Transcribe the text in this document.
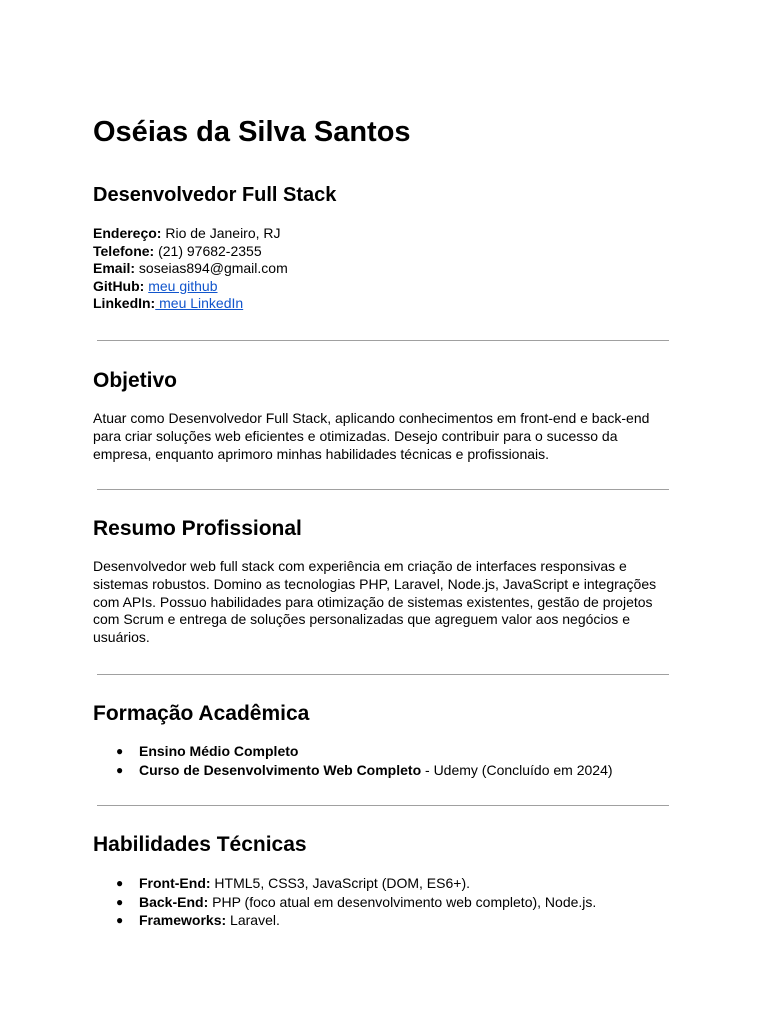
Oséias da Silva Santos
Desenvolvedor Full Stack
Endereço: Rio de Janeiro, RJ
Telefone: (21) 97682-2355
Email: soseias894@gmail.com
GitHub: meu github
LinkedIn: meu LinkedIn
Objetivo

Atuar como Desenvolvedor Full Stack, aplicando conhecimentos em front-end e back-end para criar soluções web eficientes e otimizadas. Desejo contribuir para o sucesso da empresa, enquanto aprimoro minhas habilidades técnicas e profissionais.

Resumo Profissional

Desenvolvedor web full stack com experiência em criação de interfaces responsivas e sistemas robustos. Domino as tecnologias PHP, Laravel, Node.js, JavaScript e integrações com APIs. Possuo habilidades para otimização de sistemas existentes, gestão de projetos com Scrum e entrega de soluções personalizadas que agreguem valor aos negócios e usuários.

Formação Acadêmica
● Ensino Médio Completo
● Curso de Desenvolvimento Web Completo - Udemy (Concluído em 2024)
Habilidades Técnicas
● Front-End: HTML5, CSS3, JavaScript (DOM, ES6+).
● Back-End: PHP (foco atual em desenvolvimento web completo), Node.js.
● Frameworks: Laravel.
